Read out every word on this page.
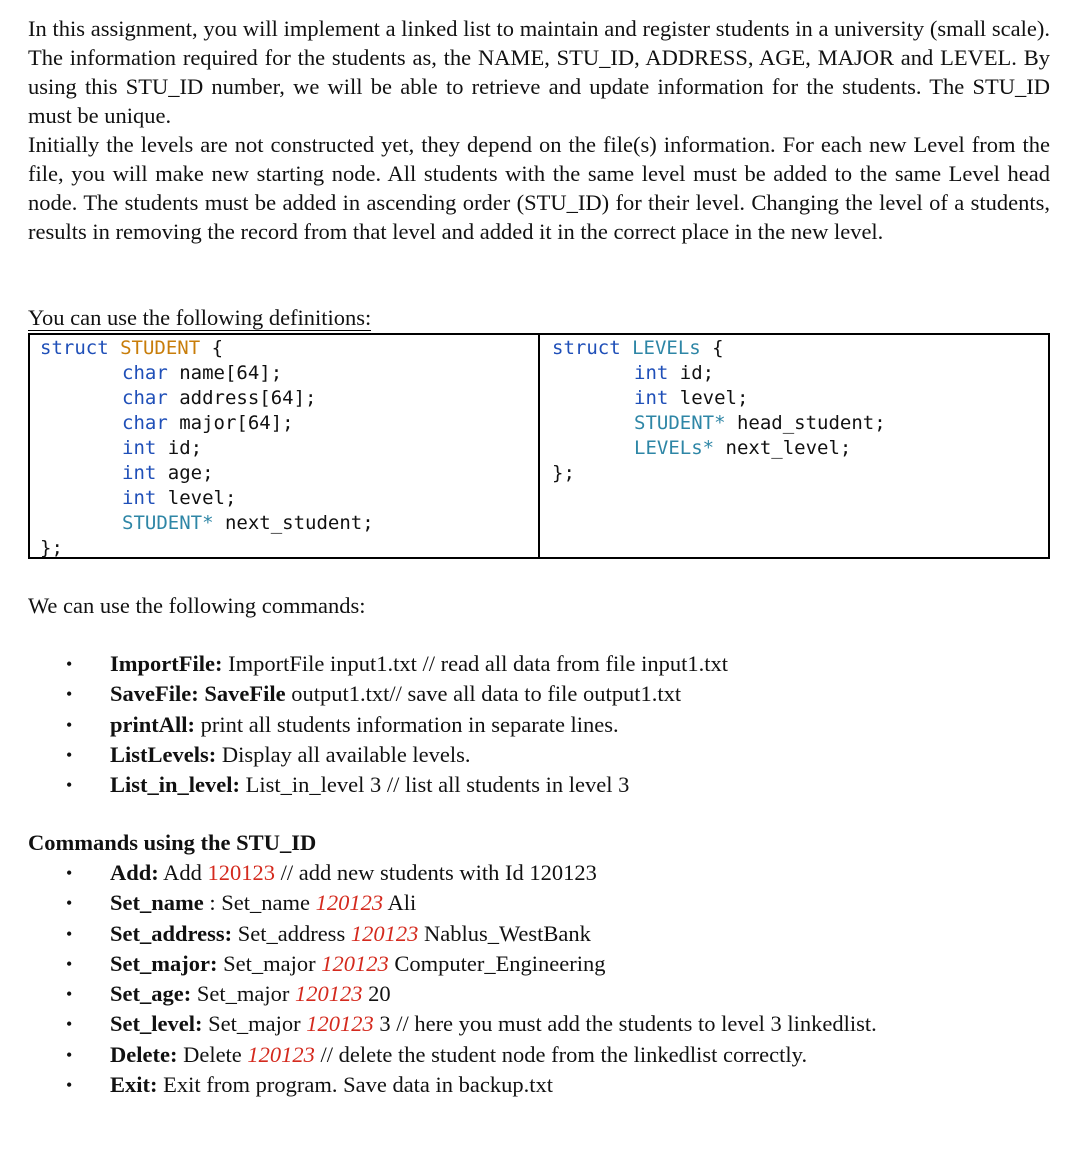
In this assignment, you will implement a linked list to maintain and register students in a university (small scale). The information required for the students as, the NAME, STU_ID, ADDRESS, AGE, MAJOR and LEVEL. By using this STU_ID number, we will be able to retrieve and update information for the students. The STU_ID must be unique.

Initially the levels are not constructed yet, they depend on the file(s) information. For each new Level from the file, you will make new starting node. All students with the same level must be added to the same Level head node. The students must be added in ascending order (STU_ID) for their level. Changing the level of a students, results in removing the record from that level and added it in the correct place in the new level.

You can use the following definitions:
struct STUDENT {
char name[64];
char address[64];
char major[64];
int id;
int age;
int level;
STUDENT* next_student;
};
struct LEVELs {
int id;
int level;
STUDENT* head_student;
LEVELs* next_level;
};
We can use the following commands:
• ImportFile: ImportFile input1.txt // read all data from file input1.txt
• SaveFile: SaveFile output1.txt// save all data to file output1.txt
• printAll: print all students information in separate lines.
• ListLevels: Display all available levels.
• List_in_level: List_in_level 3 // list all students in level 3
Commands using the STU_ID
• Add: Add 120123 // add new students with Id 120123
• Set_name : Set_name 120123 Ali
• Set_address: Set_address 120123 Nablus_WestBank
• Set_major: Set_major 120123 Computer_Engineering
• Set_age: Set_major 120123 20
• Set_level: Set_major 120123 3 // here you must add the students to level 3 linkedlist.
• Delete: Delete 120123 // delete the student node from the linkedlist correctly.
• Exit: Exit from program. Save data in backup.txt
